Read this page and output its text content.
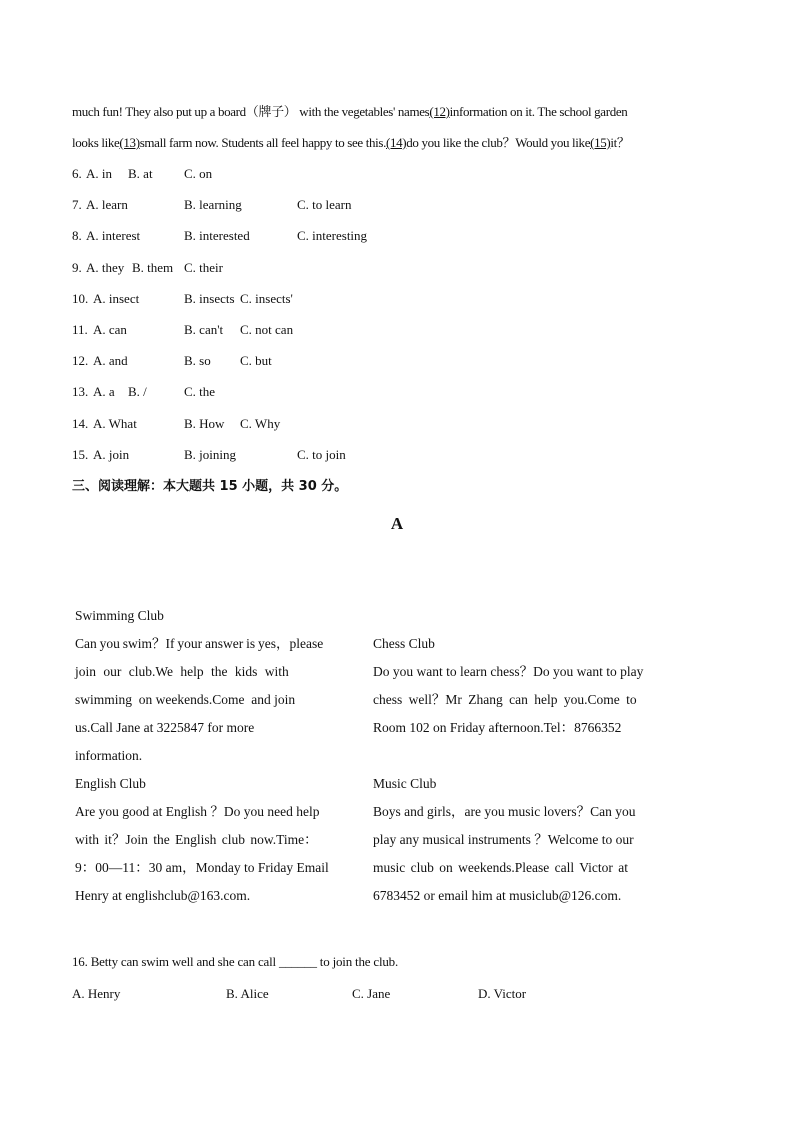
much fun! They also put up a board（牌子） with the vegetables' names(12)information on it. The school garden
looks like(13)small farm now. Students all feel happy to see this.(14)do you like the club？Would you like(15)it？
6. A. in B. at C. on
7. A. learn	B. learning	C. to learn
8. A. interest	B. interested	C. interesting
9. A. they B. them C. their
10. A. insect	B. insects C. insects'
11. A. can	B. can't C. not can
12. A. and	B. so C. but
13. A. a B. /	C. the
14. A. What	B. How C. Why
15. A. join	B. joining	C. to join
三、阅读理解：本大题共 15 小题，共 30 分。
A
Swimming Club
Can you swim？If your answer is yes，please
join our club.We help the kids with
swimming  on weekends.Come  and join
us.Call Jane at 3225847 for more
information.
Chess Club
Do you want to learn chess？Do you want to play
chess well？Mr Zhang can help you.Come to
Room 102 on Friday afternoon.Tel：8766352
English Club
Are you good at English ？Do you need help
with it？Join the English club now.Time：
9：00—11：30 am，Monday to Friday Email
Henry at englishclub@163.com.
Music Club
Boys and girls，are you music lovers？Can you
play any musical instruments ？Welcome to our
music club on weekends.Please call Victor at
6783452 or email him at musiclub@126.com.
16. Betty can swim well and she can call ______ to join the club.
A. Henry	B. Alice	C. Jane	D. Victor
